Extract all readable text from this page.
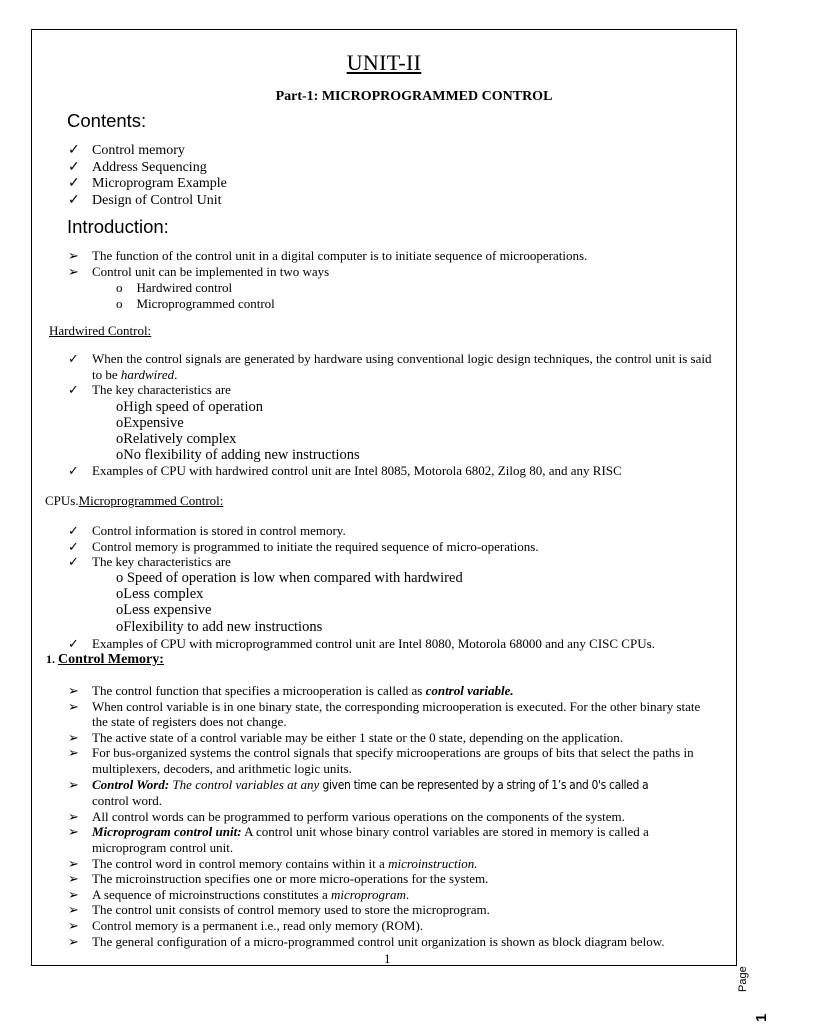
UNIT-II
Part-1: MICROPROGRAMMED CONTROL
Contents:
✓ Control memory
✓ Address Sequencing
✓ Microprogram Example
✓ Design of Control Unit
Introduction:
➢ The function of the control unit in a digital computer is to initiate sequence of microoperations.
➢ Control unit can be implemented in two ways
o Hardwired control
o Microprogrammed control
Hardwired Control:
✓ When the control signals are generated by hardware using conventional logic design techniques, the control unit is said to be hardwired.
✓ The key characteristics are
oHigh speed of operation
oExpensive
oRelatively complex
oNo flexibility of adding new instructions
✓ Examples of CPU with hardwired control unit are Intel 8085, Motorola 6802, Zilog 80, and any RISC
CPUs.Microprogrammed Control:
✓ Control information is stored in control memory.
✓ Control memory is programmed to initiate the required sequence of micro-operations.
✓ The key characteristics are
o Speed of operation is low when compared with hardwired
oLess complex
oLess expensive
oFlexibility to add new instructions
✓ Examples of CPU with microprogrammed control unit are Intel 8080, Motorola 68000 and any CISC CPUs.
1. Control Memory:
➢ The control function that specifies a microoperation is called as control variable.
➢ When control variable is in one binary state, the corresponding microoperation is executed. For the other binary state the state of registers does not change.
➢ The active state of a control variable may be either 1 state or the 0 state, depending on the application.
➢ For bus-organized systems the control signals that specify microoperations are groups of bits that select the paths in multiplexers, decoders, and arithmetic logic units.
➢ Control Word: The control variables at any given time can be represented by a string of 1’s and 0's called a
control word.
➢ All control words can be programmed to perform various operations on the components of the system.
➢ Microprogram control unit: A control unit whose binary control variables are stored in memory is called a microprogram control unit.
➢ The control word in control memory contains within it a microinstruction.
➢ The microinstruction specifies one or more micro-operations for the system.
➢ A sequence of microinstructions constitutes a microprogram.
➢ The control unit consists of control memory used to store the microprogram.
➢ Control memory is a permanent i.e., read only memory (ROM).
➢ The general configuration of a micro-programmed control unit organization is shown as block diagram below.
1
Page
1
